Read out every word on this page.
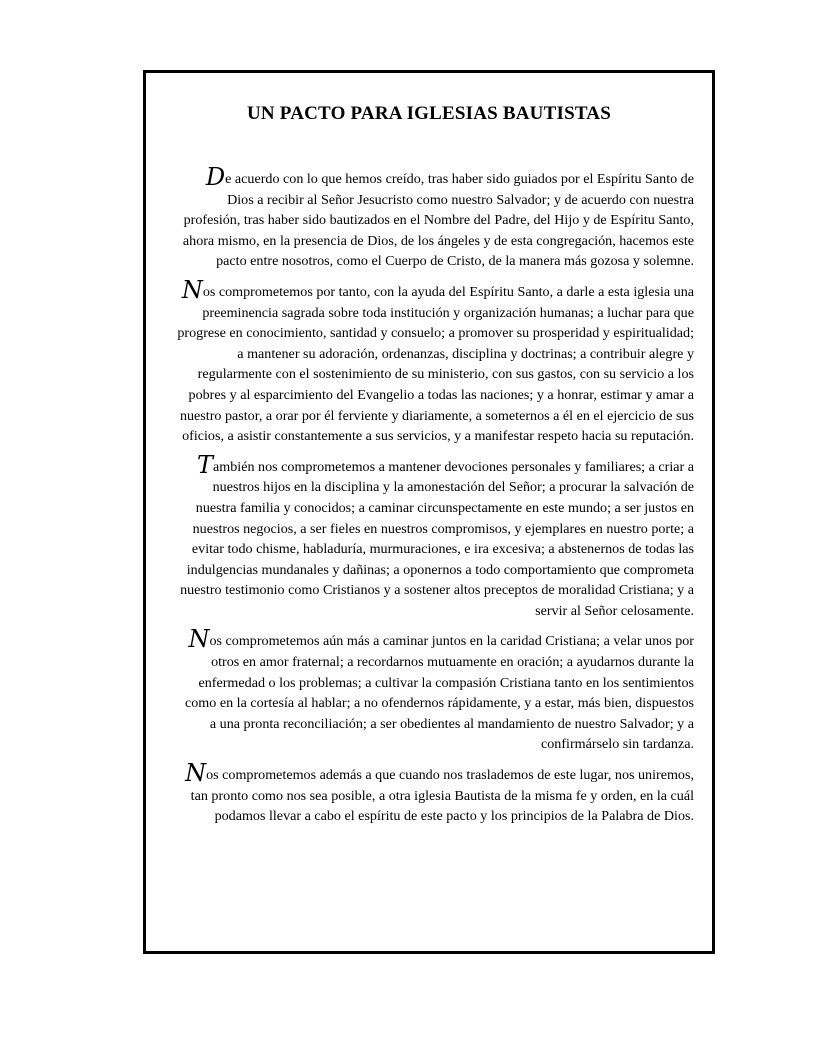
UN PACTO PARA IGLESIAS BAUTISTAS

De acuerdo con lo que hemos creído, tras haber sido guiados por el Espíritu Santo de Dios a recibir al Señor Jesucristo como nuestro Salvador; y de acuerdo con nuestra profesión, tras haber sido bautizados en el Nombre del Padre, del Hijo y de Espíritu Santo, ahora mismo, en la presencia de Dios, de los ángeles y de esta congregación, hacemos este pacto entre nosotros, como el Cuerpo de Cristo, de la manera más gozosa y solemne.

Nos comprometemos por tanto, con la ayuda del Espíritu Santo, a darle a esta iglesia una preeminencia sagrada sobre toda institución y organización humanas; a luchar para que progrese en conocimiento, santidad y consuelo; a promover su prosperidad y espiritualidad; a mantener su adoración, ordenanzas, disciplina y doctrinas; a contribuir alegre y regularmente con el sostenimiento de su ministerio, con sus gastos, con su servicio a los pobres y al esparcimiento del Evangelio a todas las naciones; y a honrar, estimar y amar a nuestro pastor, a orar por él ferviente y diariamente, a someternos a él en el ejercicio de sus oficios, a asistir constantemente a sus servicios, y a manifestar respeto hacia su reputación.

También nos comprometemos a mantener devociones personales y familiares; a criar a nuestros hijos en la disciplina y la amonestación del Señor; a procurar la salvación de nuestra familia y conocidos; a caminar circunspectamente en este mundo; a ser justos en nuestros negocios, a ser fieles en nuestros compromisos, y ejemplares en nuestro porte; a evitar todo chisme, habladuría, murmuraciones, e ira excesiva; a abstenernos de todas las indulgencias mundanales y dañinas; a oponernos a todo comportamiento que comprometa nuestro testimonio como Cristianos y a sostener altos preceptos de moralidad Cristiana; y a servir al Señor celosamente.

Nos comprometemos aún más a caminar juntos en la caridad Cristiana; a velar unos por otros en amor fraternal; a recordarnos mutuamente en oración; a ayudarnos durante la enfermedad o los problemas; a cultivar la compasión Cristiana tanto en los sentimientos como en la cortesía al hablar; a no ofendernos rápidamente, y a estar, más bien, dispuestos a una pronta reconciliación; a ser obedientes al mandamiento de nuestro Salvador; y a confirmárselo sin tardanza.

Nos comprometemos además a que cuando nos traslademos de este lugar, nos uniremos, tan pronto como nos sea posible, a otra iglesia Bautista de la misma fe y orden, en la cuál podamos llevar a cabo el espíritu de este pacto y los principios de la Palabra de Dios.
